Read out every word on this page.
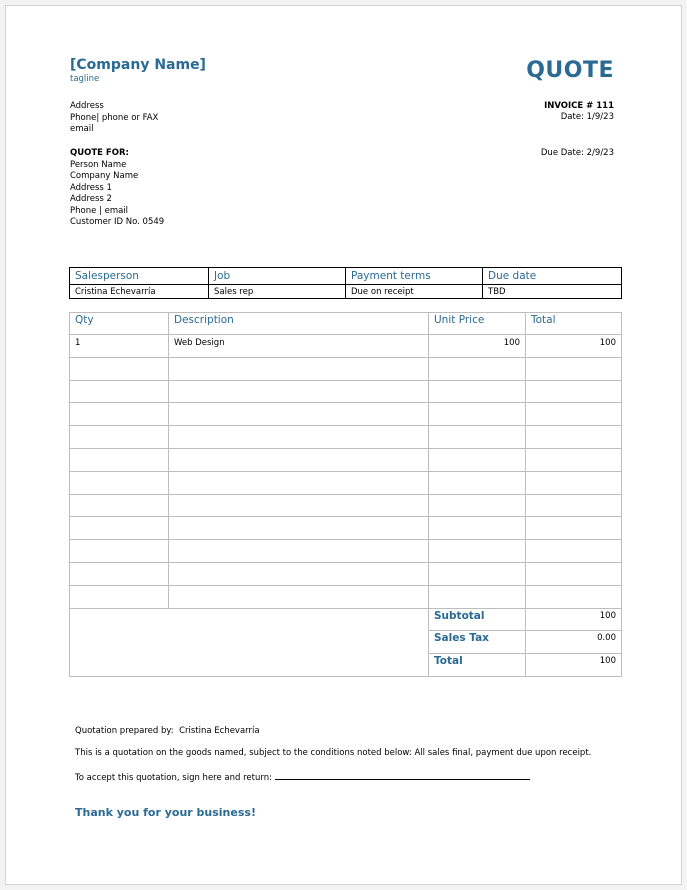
[Company Name]
tagline	QUOTE
Address
Phone| phone or FAX
email
INVOICE # 111
Date: 1/9/23
Due Date: 2/9/23
QUOTE FOR:
Person Name
Company Name
Address 1
Address 2
Phone | email
Customer ID No. 0549
Salesperson	Job	Payment terms	Due date
Cristina Echevarría	Sales rep	Due on receipt	TBD
Qty	Description	Unit Price	Total
1	Web Design	100	100

		Subtotal	100
		Sales Tax	0.00
		Total	100
Quotation prepared by: Cristina Echevarría
This is a quotation on the goods named, subject to the conditions noted below: All sales final, payment due upon receipt.
To accept this quotation, sign here and return:
Thank you for your business!
